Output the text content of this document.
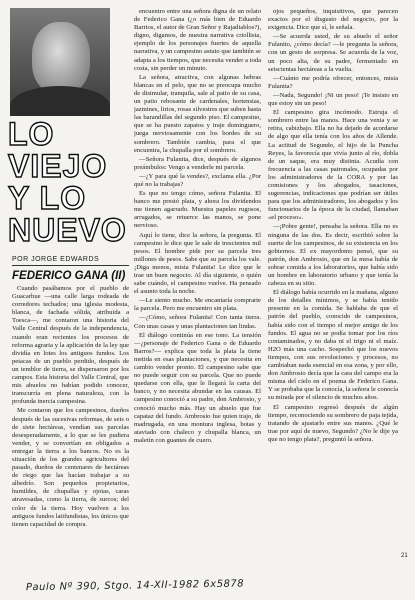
LO
VIEJO
Y LO
NUEVO
POR JORGE EDWARDS
FEDERICO GANA (II)

Cuando pasábamos por el pueblo de Guacarhue —una calle larga rodeada de corredores techados; una iglesia modesta, blanca, de fachada sólida, atribuida a Toesca—, me contaron una historia del Valle Central después de la independencia, cuando eran recientes los procesos de reforma agraria y la aplicación de la ley que dividía en lotes los antiguos fundos. Los petacas de un pueblo perdido, después de un temblor de tierra, se dispersaron por los campos. Esta historia del Valle Central, que mis abuelos no habían podido conocer, transcurría en plena naturaleza, con la profunda inercia campesina.

Me contaron que los campesinos, dueños después de las sucesivas reformas, de seis o de siete hectáreas, vendían sus parcelas desesperadamente, a lo que se les pudiera vender, y se convertían en obligados a entregar la tierra a los bancos. No es la situación de los grandes agricultores del pasado, dueños de centenares de hectáreas de riego que las hacían trabajar a su albedrío. Son pequeños propietarios, humildes, de chupallas y ojotas, caras atravesadas, como la tierra, de surcos; del color de la tierra. Hoy vuelven a los antiguos fundos latifundistas, los únicos que tienen capacidad de compra.

encuentro entre una señora digna de un relato de Federico Gana (¿o más bien de Eduardo Barrios, el autor de Gran Señor y Rajadiablos?), digno, digamos, de nuestra narrativa criollista, ejemplo de los personajes fuertes de aquella narrativa, y un campesino astuto que también se adapta a los tiempos, que necesita vender a toda costa, sin perder un minuto.

La señora, atractiva, con algunas hebras blancas en el pelo, que no se preocupa mucho de disimular, tranquila, sale al patio de su casa, un patio rebosante de cardenales, hortensias, jazmines, lirios, rosas silvestres que suben hasta las barandillas del segundo piso. El campesino, que se ha puesto zapatos y traje dominguero, juega nerviosamente con los bordes de su sombrero. También cambia, para el que encuentra, la chupalla por el sombrero.

—Señora Fulanita, dice, después de algunos preámbulos: Vengo a venderle mi parcela.

—¿Y para qué la vendes?, exclama ella. ¿Por qué no la trabajas?

Es que no tengo cómo, señora Fulanita. El banco me prestó plata, y ahora los dividendos me tienen agarrado. Muestra papeles rugosos, arrugados, se retuerce las manos, se pone nervioso.

Aquí lo tiene, dice la señora, la pregunta. El campesino le dice que le sale de trescientos mil pesos. El hombre pide por su parcela tres millones de pesos. Sabe que su parcela los vale. ¡Diga menos, misia Fulanita! Le dice que le trae un buen negocio. Al día siguiente, o quién sabe cuándo, el campesino vuelve. Ha pensado el asunto toda la noche.

—Le siento mucho. Me encantaría comprarte la parcela. Pero me encuentro sin plata.

—¿Cómo, señora Fulanita! Con tanta tierra. Con unas casas y unas plantaciones tan lindas.

El diálogo continúa en ese tono. La tensión —¿personaje de Federico Gana o de Eduardo Barros?— explica que toda la plata la tiene metida en esas plantaciones, y que necesita en cambio vender pronto. El campesino sabe que no puede seguir con su parcela. Que no puede quedarse con ella, que le llegará la carta del banco, y no necesita abundar en las causas. El campesino conoció a su padre, don Ambrosio, y conoció mucho más. Hay un abuelo que fue capataz del fundo. Ambrosio fue quien trajo, de madrugada, en una montura inglesa, botas y ataviado con chaleco y chupalla blanca, un maletín con guantes de cuero.

ojos pequeños, inquisitivos, que parecen exactos por el disgusto del negocio, por la exigencia. Dice que sí, le señala.

—Se acuerda usted, de su abuelo el señor Fulanito, ¿cómo decía? —le pregunta la señora, con un gesto de sorpresa. Se acuerda de la voz, un poco alta, de su padre, fermentado en seiscientas hectáreas a la vuelta.

—Cuánto me podría ofrecer, entonces, misia Fulanita?

—Nada, Segundo! ¡Ni un peso! ¡Te insisto en que estoy sin un peso!

El campesino gira incómodo. Estruja el sombrero entre las manos. Hace una venia y se retira, cabizbajo. Ella no ha dejado de acordarse de algo que ella tenía con los años de Allende. La actitud de Segundo, el hijo de la Puncha Reyes, la favorecía que vivía junto al río, dobla de un saque, era muy distinta. Acudía con frecuencia a las casas patronales, ocupadas por los administradores de la CORA y por las comisiones y los abogados, tasaciones, sugerencias, indicaciones que podrían ser útiles para que los administradores, los abogados y los funcionarios de la época de la ciudad, llamaban «el proceso».

—¡Pobre gente!, pensaba la señora. Ella no es ninguna de las dos. Es decir, escribió sobre la suerte de los campesinos, de su existencia en los gobiernos. El ex mayordomo pensó, que su patrón, don Ambrosio, que en la mesa había de sobrar comida a los laboratorios, que había sido un hombre en laboratorio urbano y que tenía la cabeza en su sitio.

El diálogo había ocurrido en la mañana, alguno de los detalles mínimos, y se había tenido presente en la comida. Se hablaba de que el patrón del pueblo, conocido de campesinos, había sido con el tiempo el mejor amigo de los fundos. El agua no se podía tomar por los ríos contaminados, y no daba ni el trigo ni el maíz. H2O más una cacho. Sospechó que los nuevos tiempos, con sus revoluciones y procesos, no cambiaban nada esencial en esa zona, y por ello, don Ambrosio decía que la cara del campo era la misma del cielo en el poema de Federico Gana. Y se probaba que la conocía, la señora le conocía su mirada por el silencio de muchos años.

El campesino regresó después de algún tiempo, reconociendo su sombrero de paja tejida, tratando de ajustarlo entre sus manos. ¿Qué le trae por aquí de nuevo, Segundo? ¿No le dije ya que no tengo plata?, preguntó la señora.

21
Paulo Nº 390, Stgo. 14-XII-1982 6x5878
